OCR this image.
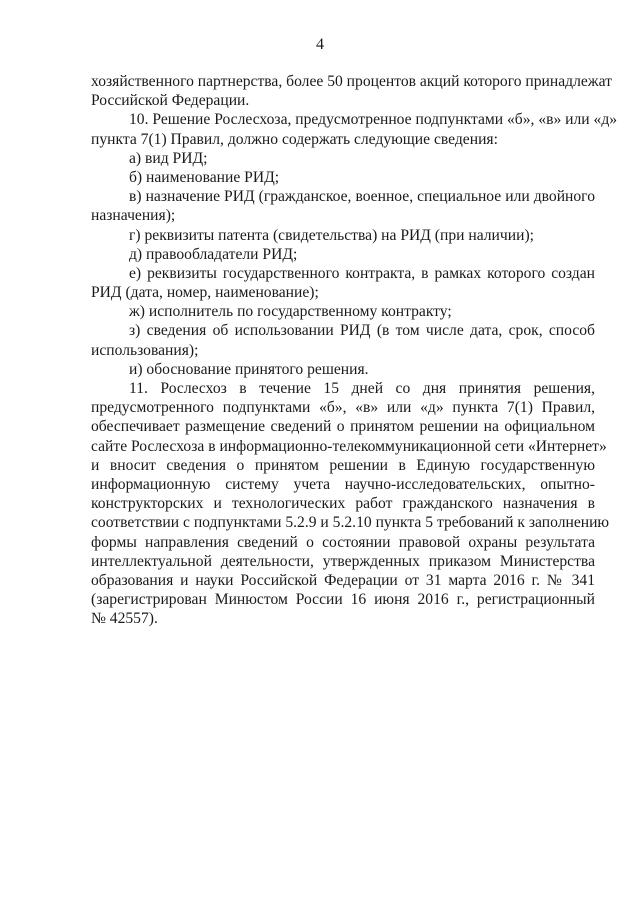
4
хозяйственного партнерства, более 50 процентов акций которого принадлежат
Российской Федерации.
10. Решение Рослесхоза, предусмотренное подпунктами «б», «в» или «д»
пункта 7(1) Правил, должно содержать следующие сведения:
а) вид РИД;
б) наименование РИД;
в) назначение РИД (гражданское, военное, специальное или двойного
назначения);
г) реквизиты патента (свидетельства) на РИД (при наличии);
д) правообладатели РИД;
е) реквизиты государственного контракта, в рамках которого создан
РИД (дата, номер, наименование);
ж) исполнитель по государственному контракту;
з) сведения об использовании РИД (в том числе дата, срок, способ
использования);
и) обоснование принятого решения.
11. Рослесхоз в течение 15 дней со дня принятия решения,
предусмотренного подпунктами «б», «в» или «д» пункта 7(1) Правил,
обеспечивает размещение сведений о принятом решении на официальном
сайте Рослесхоза в информационно-телекоммуникационной сети «Интернет»
и вносит сведения о принятом решении в Единую государственную
информационную систему учета научно-исследовательских, опытно-
конструкторских и технологических работ гражданского назначения в
соответствии с подпунктами 5.2.9 и 5.2.10 пункта 5 требований к заполнению
формы направления сведений о состоянии правовой охраны результата
интеллектуальной деятельности, утвержденных приказом Министерства
образования и науки Российской Федерации от 31 марта 2016 г. № 341
(зарегистрирован Минюстом России 16 июня 2016 г., регистрационный
№ 42557).
